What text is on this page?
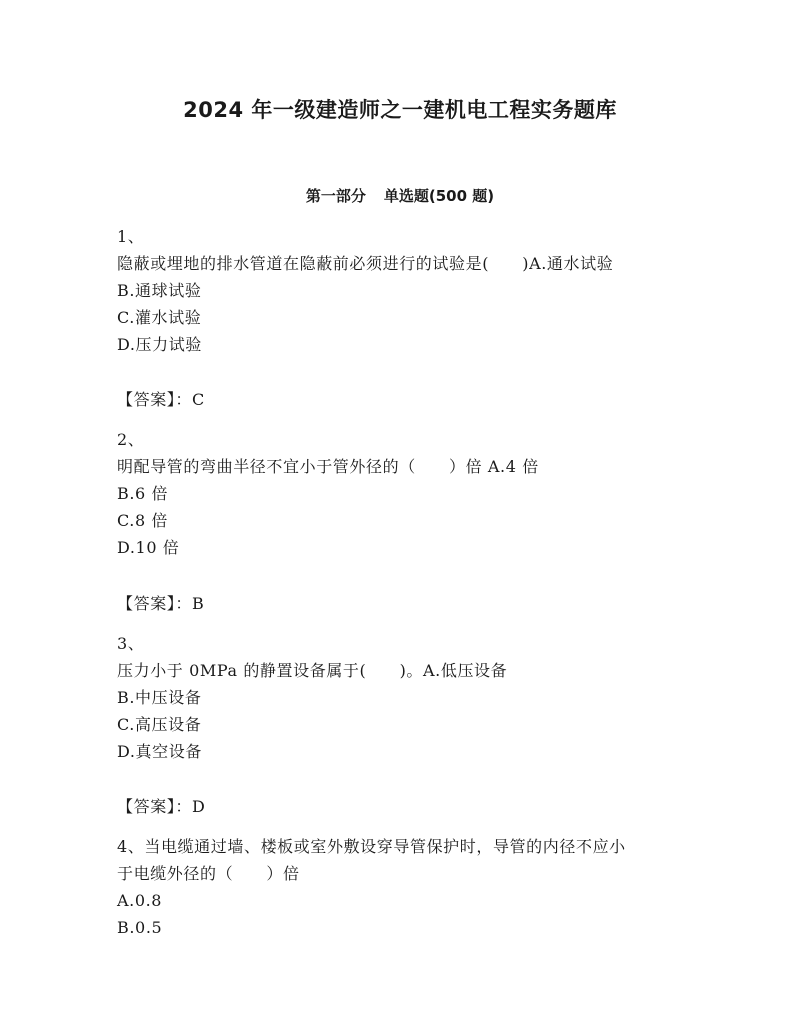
2024 年一级建造师之一建机电工程实务题库
第一部分 单选题(500 题)
1、
隐蔽或埋地的排水管道在隐蔽前必须进行的试验是(　　)A.通水试验
B.通球试验
C.灌水试验
D.压力试验
【答案】：C
2、
明配导管的弯曲半径不宜小于管外径的（　　）倍 A.4 倍
B.6 倍
C.8 倍
D.10 倍
【答案】：B
3、
压力小于 0MPa 的静置设备属于(　　)。A.低压设备
B.中压设备
C.高压设备
D.真空设备
【答案】：D
4、当电缆通过墙、楼板或室外敷设穿导管保护时，导管的内径不应小
于电缆外径的（　　）倍
A.0.8
B.0.5
